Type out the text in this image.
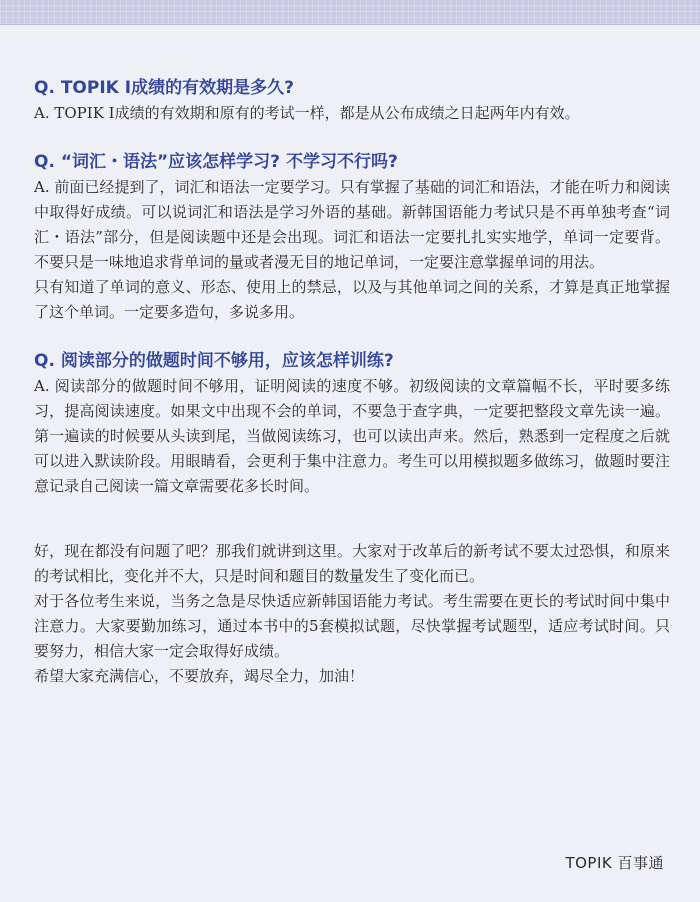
Q. TOPIK Ⅰ成绩的有效期是多久?

A. TOPIK Ⅰ成绩的有效期和原有的考试一样，都是从公布成绩之日起两年内有效。

Q. “词汇・语法”应该怎样学习? 不学习不行吗?

A. 前面已经提到了，词汇和语法一定要学习。只有掌握了基础的词汇和语法，才能在听力和阅读中取得好成绩。可以说词汇和语法是学习外语的基础。新韩国语能力考试只是不再单独考查“词汇・语法”部分，但是阅读题中还是会出现。词汇和语法一定要扎扎实实地学，单词一定要背。不要只是一味地追求背单词的量或者漫无目的地记单词，一定要注意掌握单词的用法。

只有知道了单词的意义、形态、使用上的禁忌，以及与其他单词之间的关系，才算是真正地掌握了这个单词。一定要多造句，多说多用。

Q. 阅读部分的做题时间不够用，应该怎样训练?

A. 阅读部分的做题时间不够用，证明阅读的速度不够。初级阅读的文章篇幅不长，平时要多练习，提高阅读速度。如果文中出现不会的单词，不要急于查字典，一定要把整段文章先读一遍。第一遍读的时候要从头读到尾，当做阅读练习，也可以读出声来。然后，熟悉到一定程度之后就可以进入默读阶段。用眼睛看，会更利于集中注意力。考生可以用模拟题多做练习，做题时要注意记录自己阅读一篇文章需要花多长时间。

好，现在都没有问题了吧？那我们就讲到这里。大家对于改革后的新考试不要太过恐惧，和原来的考试相比，变化并不大，只是时间和题目的数量发生了变化而已。

对于各位考生来说，当务之急是尽快适应新韩国语能力考试。考生需要在更长的考试时间中集中注意力。大家要勤加练习，通过本书中的5套模拟试题，尽快掌握考试题型，适应考试时间。只要努力，相信大家一定会取得好成绩。

希望大家充满信心，不要放弃，竭尽全力，加油！

TOPIK 百事通
